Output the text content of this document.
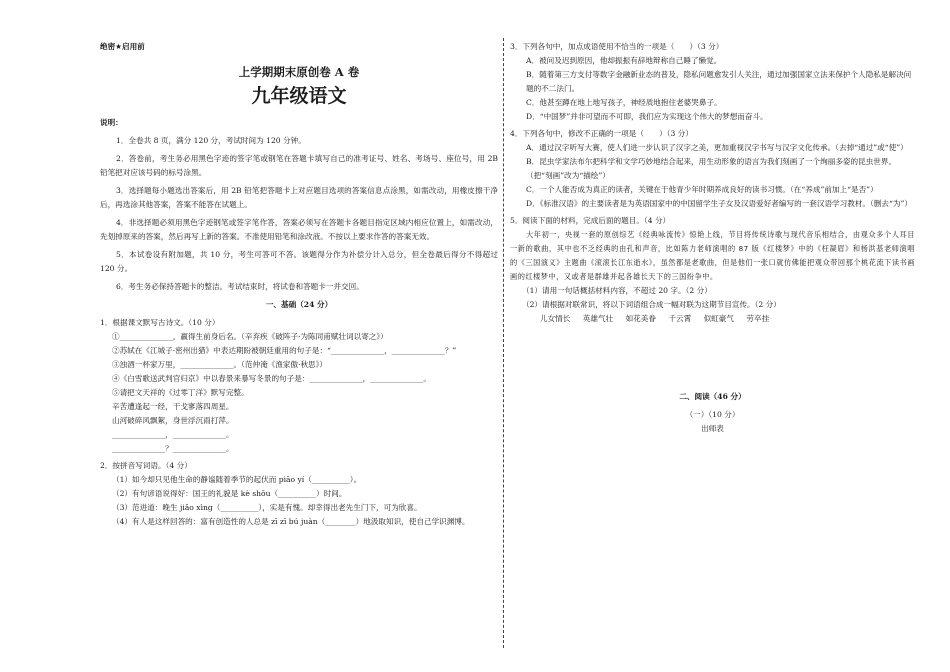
绝密★启用前
上学期期末原创卷 A 卷
九年级语文
说明：
1．全卷共 8 页，满分 120 分，考试时间为 120 分钟。
2．答卷前，考生务必用黑色字迹的签字笔或钢笔在答题卡填写自己的准考证号、姓名、考场号、座位号，用 2B 铅笔把对应该号码的标号涂黑。
3．选择题每小题选出答案后，用 2B 铅笔把答题卡上对应题目选项的答案信息点涂黑，如需改动，用橡皮擦干净后，再选涂其他答案，答案不能答在试题上。
4．非选择题必须用黑色字迹钢笔或签字笔作答，答案必须写在答题卡各题目指定区域内相应位置上，如需改动，先划掉原来的答案，然后再写上新的答案。不准使用铅笔和涂改液。不按以上要求作答的答案无效。
5．本试卷设有附加题，共 10 分，考生可答可不答。该题得分作为补偿分计入总分，但全卷最后得分不得超过 120 分。
6．考生务必保持答题卡的整洁。考试结束时，将试卷和答题卡一并交回。
一、基础（24 分）
1．根据课文默写古诗文。（10 分）
①______________，羸得生前身后名。（辛弃疾《破阵子·为陈同甫赋壮词以寄之》）
②苏轼在《江城子·密州出猎》中表达期盼被朝廷重用的句子是：“______________，______________？”
③浊酒一杯家万里，______________。（范仲淹《渔家傲·秋思》）
④《白雪歌送武判官归京》中以春景来暴写冬景的句子是：______________，______________。
⑤请把文天祥的《过零丁洋》默写完整。
辛苦遭逢起一经，干戈寥落四周星。
山河破碎风飘絮，身世浮沉雨打萍。
______________，______________。
______________？______________。
2．按拼音写词语。（4 分）
（1）如今却只见他生命的静谧随着季节的起伏而 piāo yí（__________）。
（2）有句谚语说得好：国王的礼貌是 kè shǒu（__________）时间。
（3）范进道：晚生 jiǎo xìng（__________），实是有愧。却幸得出老先生门下，可为欣喜。
（4）有人是这样回答的：富有创造性的人总是 zī zī bú juàn（________）地汲取知识，使自己学识渊博。
3．下列各句中，加点成语使用不恰当的一项是（　　）（3 分）
A．被问及迟到原因，他却振振有辞地辩称自己睡了懒觉。
B．随着第三方支付等数字金融新业态的普及，隐私问题愈发引人关注，通过加强国家立法来保护个人隐私是解决问题的不二法门。
C．他甚至蹲在地上地写孩子，神经质地抱住老婆哭鼻子。
D．“中国梦”并非可望而不可即，我们应为实现这个伟大的梦想而奋斗。
4．下列各句中，修改不正确的一项是（　　）（3 分）
A．通过汉字听写大赛，使人们进一步认识了汉字之美，更加重视汉字书写与汉字文化传承。（去掉“通过”或“使”）
B．昆虫学家法布尔把科学和文学巧妙地结合起来，用生动形象的语言为我们刻画了一个绚丽多姿的昆虫世界。（把“刻画”改为“描绘”）
C．一个人能否成为真正的读者，关键在于他青少年时期养成良好的读书习惯。（在“养成”前加上“是否”）
D．《标准汉语》的主要读者是为英语国家中的中国留学生子女及汉语爱好者编写的一套汉语学习教材。（删去“为”）
5．阅读下面的材料，完成后面的题目。（4 分）
大年初一，央视一套的原创综艺《经典咏流传》惊艳上线，节目将传统诗歌与现代音乐相结合，由观众多个人耳目一新的歌曲，其中也不乏经典的由孔和声音，比如陈力老师演唱的 87 版《红楼梦》中的《枉凝眉》和杨洪基老师演唱的《三国演义》主题曲《滚滚长江东逝水》，虽然都是老歌曲，但是他们一张口就仿佛能把观众带回那个桃花流下读书画画的红楼梦中，又或者是群雄并起各雄长天下的三国纷争中。
（1）请用一句话概括材料内容，不超过 20 字。（2 分）
（2）请根据对联常识，将以下词语组合成一幅对联为这期节目宣传。（2 分）
儿女情长 英雄气壮 如花美眷 千云霄 似虹豪气 劳卒挂
二、阅读（46 分）
（一）（10 分）
出师表
